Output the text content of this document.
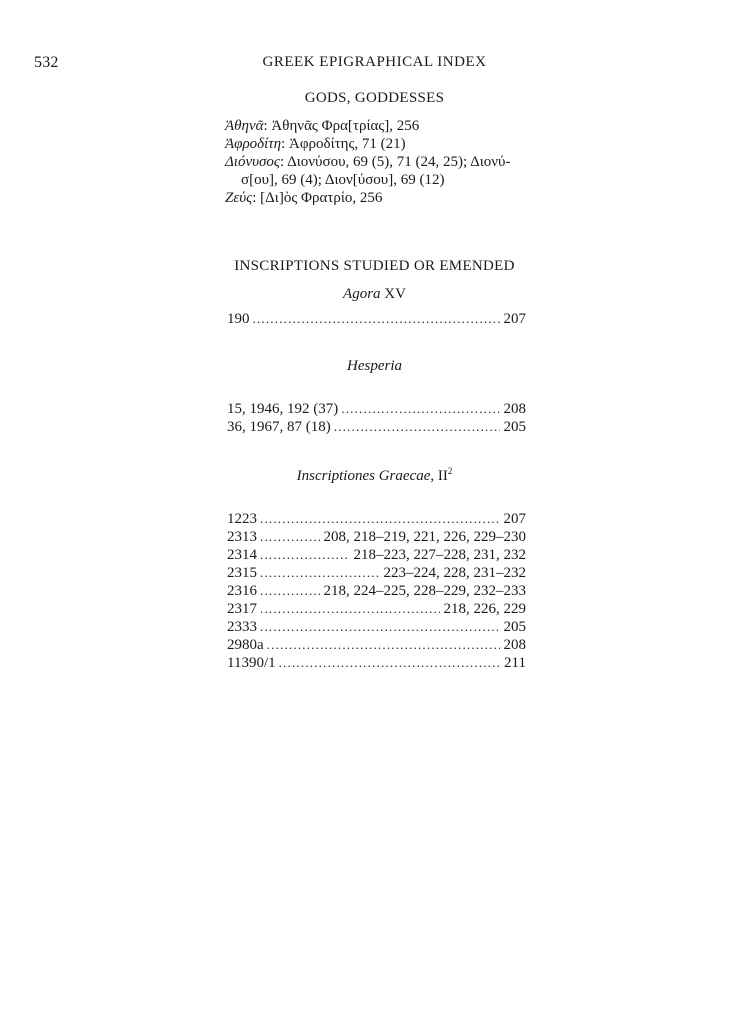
532	GREEK EPIGRAPHICAL INDEX
GODS, GODDESSES

Ἀθηνᾶ: Ἀθηνᾶς Φρα[τρίας], 256

Ἀφροδίτη: Ἀφροδίτης, 71 (21)

Διόνυσος: Διονύσου, 69 (5), 71 (24, 25); Διονύ-
σ[ου], 69 (4); Διον[ύσου], 69 (12)

Ζεύς: [Δι]ὸς Φρατρίο, 256

INSCRIPTIONS STUDIED OR EMENDED
Agora XV
190 .....	207
Hesperia
15, 1946, 192 (37) .....	208
36, 1967, 87 (18) .....	205
Inscriptiones Graecae, $II^2$
1223 .....	207
2313 .....	208, 218–219, 221, 226, 229–230
2314 .....	218–223, 227–228, 231, 232
2315 .....	223–224, 228, 231–232
2316 .....	218, 224–225, 228–229, 232–233
2317 .....	218, 226, 229
2333 .....	205
2980a .....	208
11390/1 .....	211
